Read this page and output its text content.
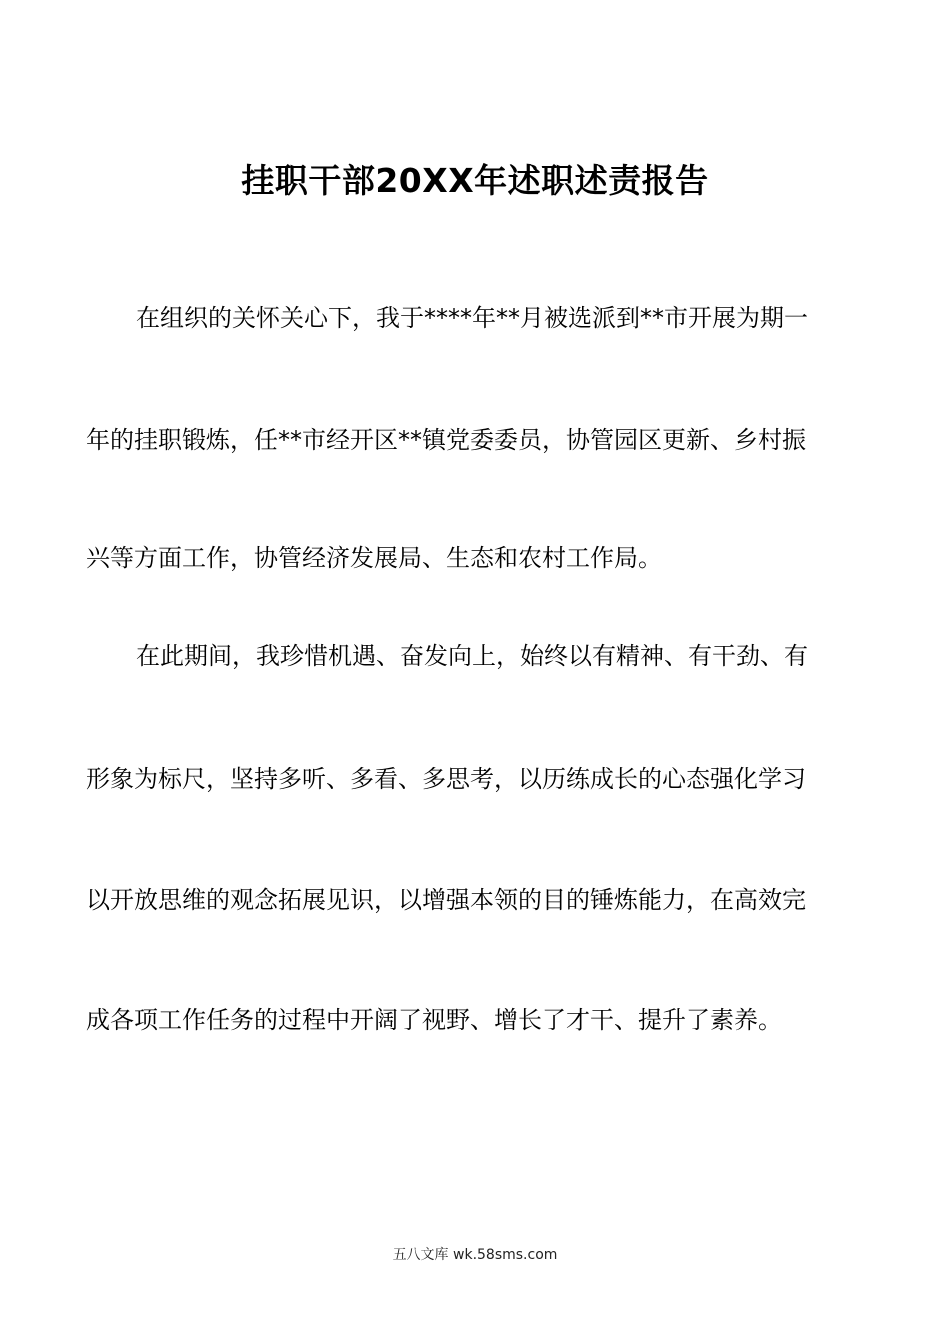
挂职干部20XX年述职述责报告
在组织的关怀关心下，我于****年**月被选派到**市开展为期一
年的挂职锻炼，任**市经开区**镇党委委员，协管园区更新、乡村振
兴等方面工作，协管经济发展局、生态和农村工作局。
在此期间，我珍惜机遇、奋发向上，始终以有精神、有干劲、有
形象为标尺，坚持多听、多看、多思考，以历练成长的心态强化学习
以开放思维的观念拓展见识，以增强本领的目的锤炼能力，在高效完
成各项工作任务的过程中开阔了视野、增长了才干、提升了素养。
五八文库 wk.58sms.com
